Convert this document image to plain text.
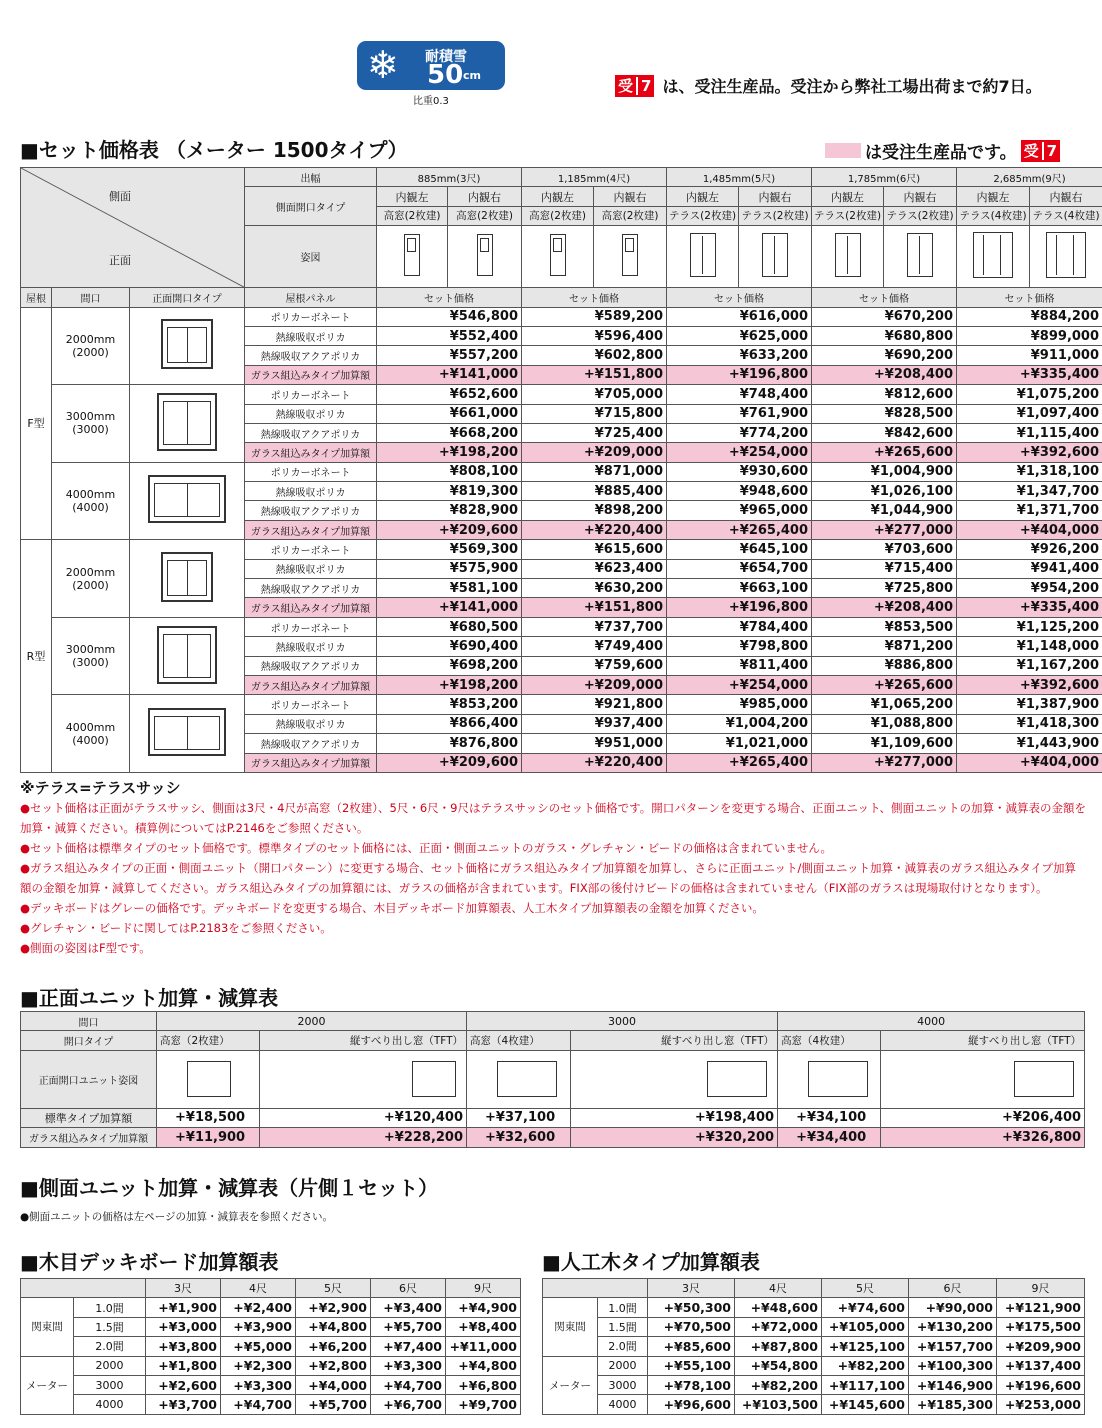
❄ 耐積雪
50 cm
比重0.3
受 7 は、受注生産品。受注から弊社工場出荷まで約7日。
■セット価格表 （メーター 1500タイプ）	は受注生産品です。 受 7
側面
正面			出幅	885mm(3尺)		1,185mm(4尺)		1,485mm(5尺)		1,785mm(6尺)		2,685mm(9尺)	
			側面開口タイプ	内観左	内観右	内観左	内観右	内観左	内観右	内観左	内観右	内観左	内観右
				高窓(2枚建)	高窓(2枚建)	高窓(2枚建)	高窓(2枚建)	テラス(2枚建)	テラス(2枚建)	テラス(2枚建)	テラス(2枚建)	テラス(4枚建)	テラス(4枚建)
			姿図	

屋根	間口	正面開口タイプ	屋根パネル	セット価格		セット価格		セット価格		セット価格		セット価格	
F型	2000mm
(2000)		ポリカーボネート	¥546,800		¥589,200		¥616,000		¥670,200		¥884,200	
			熱線吸収ポリカ	¥552,400		¥596,400		¥625,000		¥680,800		¥899,000	
			熱線吸収アクアポリカ	¥557,200		¥602,800		¥633,200		¥690,200		¥911,000	
			ガラス組込みタイプ加算額	+¥141,000		+¥151,800		+¥196,800		+¥208,400		+¥335,400	

	3000mm
(3000)		ポリカーボネート	¥652,600		¥705,000		¥748,400		¥812,600		¥1,075,200	
			熱線吸収ポリカ	¥661,000		¥715,800		¥761,900		¥828,500		¥1,097,400	
			熱線吸収アクアポリカ	¥668,200		¥725,400		¥774,200		¥842,600		¥1,115,400	
			ガラス組込みタイプ加算額	+¥198,200		+¥209,000		+¥254,000		+¥265,600		+¥392,600	

	4000mm
(4000)		ポリカーボネート	¥808,100		¥871,000		¥930,600		¥1,004,900		¥1,318,100	
			熱線吸収ポリカ	¥819,300		¥885,400		¥948,600		¥1,026,100		¥1,347,700	
			熱線吸収アクアポリカ	¥828,900		¥898,200		¥965,000		¥1,044,900		¥1,371,700	
			ガラス組込みタイプ加算額	+¥209,600		+¥220,400		+¥265,400		+¥277,000		+¥404,000	
R型	2000mm
(2000)		ポリカーボネート	¥569,300		¥615,600		¥645,100		¥703,600		¥926,200	
			熱線吸収ポリカ	¥575,900		¥623,400		¥654,700		¥715,400		¥941,400	
			熱線吸収アクアポリカ	¥581,100		¥630,200		¥663,100		¥725,800		¥954,200	
			ガラス組込みタイプ加算額	+¥141,000		+¥151,800		+¥196,800		+¥208,400		+¥335,400	

	3000mm
(3000)		ポリカーボネート	¥680,500		¥737,700		¥784,400		¥853,500		¥1,125,200	
			熱線吸収ポリカ	¥690,400		¥749,400		¥798,800		¥871,200		¥1,148,000	
			熱線吸収アクアポリカ	¥698,200		¥759,600		¥811,400		¥886,800		¥1,167,200	
			ガラス組込みタイプ加算額	+¥198,200		+¥209,000		+¥254,000		+¥265,600		+¥392,600	

	4000mm
(4000)		ポリカーボネート	¥853,200		¥921,800		¥985,000		¥1,065,200		¥1,387,900	
			熱線吸収ポリカ	¥866,400		¥937,400		¥1,004,200		¥1,088,800		¥1,418,300	
			熱線吸収アクアポリカ	¥876,800		¥951,000		¥1,021,000		¥1,109,600		¥1,443,900	
			ガラス組込みタイプ加算額	+¥209,600		+¥220,400		+¥265,400		+¥277,000		+¥404,000	
※テラス=テラスサッシ
●セット価格は正面がテラスサッシ、側面は3尺・4尺が高窓（2枚建）、5尺・6尺・9尺はテラスサッシのセット価格です。開口パターンを変更する場合、正面ユニット、側面ユニットの加算・減算表の金額を
加算・減算ください。積算例についてはP.2146をご参照ください。
●セット価格は標準タイプのセット価格です。標準タイプのセット価格には、正面・側面ユニットのガラス・グレチャン・ビードの価格は含まれていません。
●ガラス組込みタイプの正面・側面ユニット（開口パターン）に変更する場合、セット価格にガラス組込みタイプ加算額を加算し、さらに正面ユニット/側面ユニット加算・減算表のガラス組込みタイプ加算
額の金額を加算・減算してください。ガラス組込みタイプの加算額には、ガラスの価格が含まれています。FIX部の後付けビードの価格は含まれていません（FIX部のガラスは現場取付けとなります）。
●デッキボードはグレーの価格です。デッキボードを変更する場合、木目デッキボード加算額表、人工木タイプ加算額表の金額を加算ください。
●グレチャン・ビードに関してはP.2183をご参照ください。
●側面の姿図はF型です。
■正面ユニット加算・減算表
間口	2000		3000		4000	
開口タイプ	高窓（2枚建）	縦すべり出し窓（TFT）	高窓（4枚建）	縦すべり出し窓（TFT）	高窓（4枚建）	縦すべり出し窓（TFT）
正面開口ユニット姿図	

標準タイプ加算額	+¥18,500	+¥120,400	+¥37,100	+¥198,400	+¥34,100	+¥206,400
ガラス組込みタイプ加算額	+¥11,900	+¥228,200	+¥32,600	+¥320,200	+¥34,400	+¥326,800
■側面ユニット加算・減算表（片側１セット）
●側面ユニットの価格は左ページの加算・減算表を参照ください。
■木目デッキボード加算額表
		3尺	4尺	5尺	6尺	9尺
関東間	1.0間	+¥1,900	+¥2,400	+¥2,900	+¥3,400	+¥4,900
	1.5間	+¥3,000	+¥3,900	+¥4,800	+¥5,700	+¥8,400
	2.0間	+¥3,800	+¥5,000	+¥6,200	+¥7,400	+¥11,000
メーター	2000	+¥1,800	+¥2,300	+¥2,800	+¥3,300	+¥4,800
	3000	+¥2,600	+¥3,300	+¥4,000	+¥4,700	+¥6,800
	4000	+¥3,700	+¥4,700	+¥5,700	+¥6,700	+¥9,700
■人工木タイプ加算額表
		3尺	4尺	5尺	6尺	9尺
関東間	1.0間	+¥50,300	+¥48,600	+¥74,600	+¥90,000	+¥121,900
	1.5間	+¥70,500	+¥72,000	+¥105,000	+¥130,200	+¥175,500
	2.0間	+¥85,600	+¥87,800	+¥125,100	+¥157,700	+¥209,900
メーター	2000	+¥55,100	+¥54,800	+¥82,200	+¥100,300	+¥137,400
	3000	+¥78,100	+¥82,200	+¥117,100	+¥146,900	+¥196,600
	4000	+¥96,600	+¥103,500	+¥145,600	+¥185,300	+¥253,000
